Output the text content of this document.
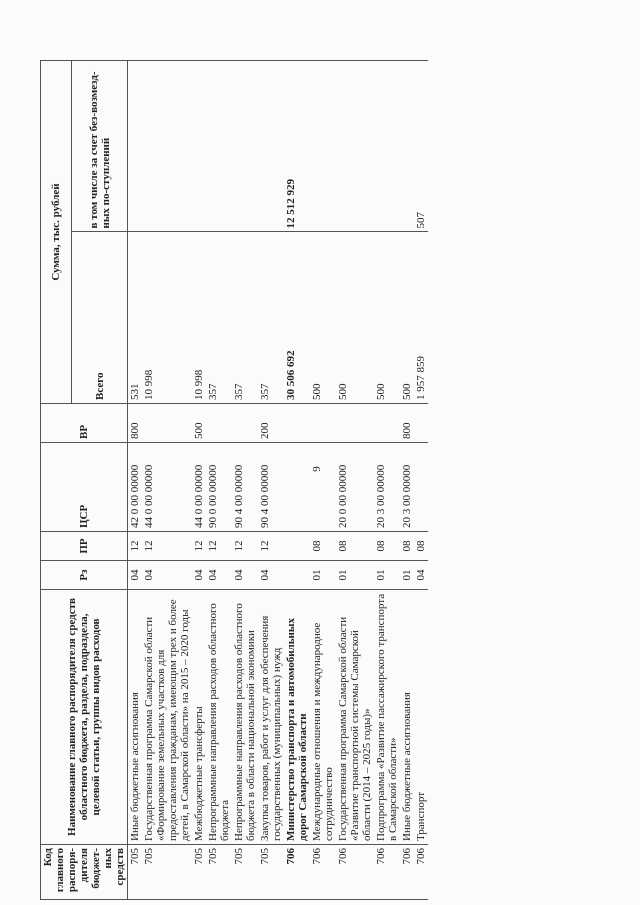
9
Код главного распоря-дителя бюджет-ных средств	Наименование главного распорядителя средств областного бюджета, раздела, подраздела, целевой статьи, группы видов расходов	Рз	ПР	ЦСР	ВР	Сумма, тыс. рублей	
						Всего	в том числе за счет без-возмезд-ных по-ступлений
705	Иные бюджетные ассигнования	04	12	42 0 00 00000	800	531	
705	Государственная программа Самарской области «Формирование земельных участков для предоставления гражданам, имеющим трех и более детей, в Самарской области» на 2015 – 2020 годы	04	12	44 0 00 00000		10 998	
705	Межбюджетные трансферты	04	12	44 0 00 00000	500	10 998	
705	Непрограммные направления расходов областного бюджета	04	12	90 0 00 00000		357	
705	Непрограммные направления расходов областного бюджета в области национальной экономики	04	12	90 4 00 00000		357	
705	Закупка товаров, работ и услуг для обеспечения государственных (муниципальных) нужд	04	12	90 4 00 00000	200	357	
706	Министерство транспорта и автомобильных дорог Самарской области					30 506 692	12 512 929
706	Международные отношения и международное сотрудничество	01	08			500	
706	Государственная программа Самарской области «Развитие транспортной системы Самарской области (2014 – 2025 годы)»	01	08	20 0 00 00000		500	
706	Подпрограмма «Развитие пассажирского транспорта в Самарской области»	01	08	20 3 00 00000		500	
706	Иные бюджетные ассигнования	01	08	20 3 00 00000	800	500	
706	Транспорт	04	08			1 957 859	507
